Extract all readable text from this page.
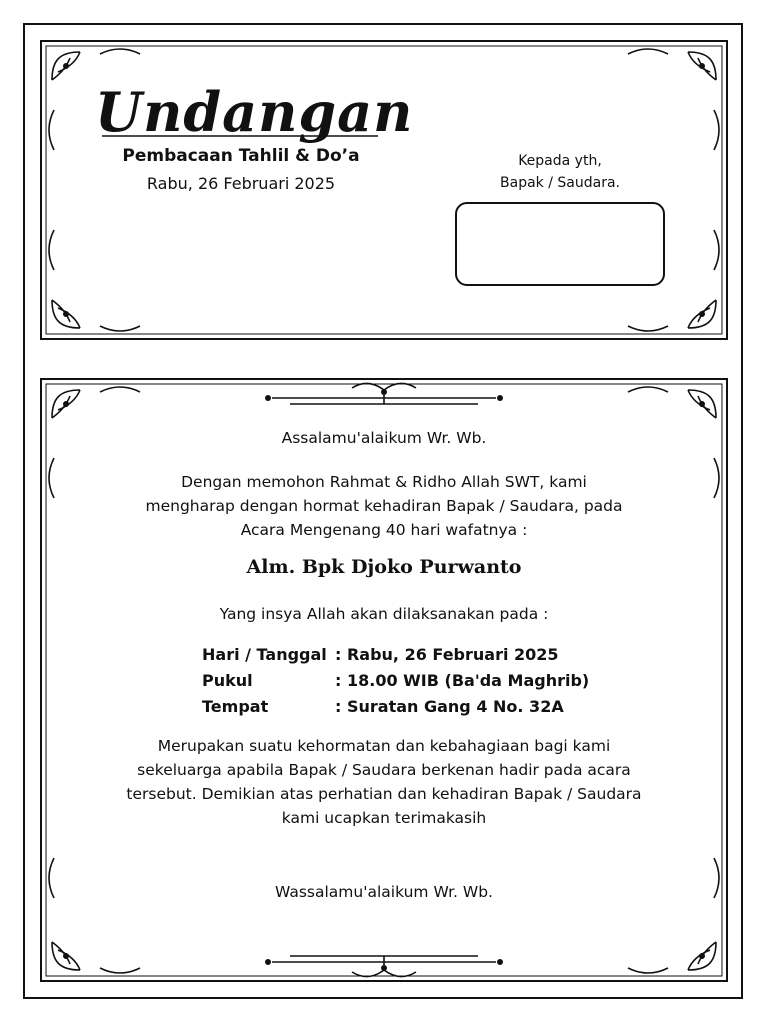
Undangan
Pembacaan Tahlil & Do’a
Rabu, 26 Februari 2025
Kepada yth,
Bapak / Saudara.
Assalamu'alaikum Wr. Wb.
Dengan memohon Rahmat & Ridho Allah SWT, kami
mengharap dengan hormat kehadiran Bapak / Saudara, pada
Acara Mengenang 40 hari wafatnya :
Alm. Bpk Djoko Purwanto
Yang insya Allah akan dilaksanakan pada :
Hari / Tanggal : Rabu, 26 Februari 2025
Pukul	: 18.00 WIB (Ba'da Maghrib)
Tempat	: Suratan Gang 4 No. 32A
Merupakan suatu kehormatan dan kebahagiaan bagi kami
sekeluarga apabila Bapak / Saudara berkenan hadir pada acara
tersebut. Demikian atas perhatian dan kehadiran Bapak / Saudara
kami ucapkan terimakasih
Wassalamu'alaikum Wr. Wb.
